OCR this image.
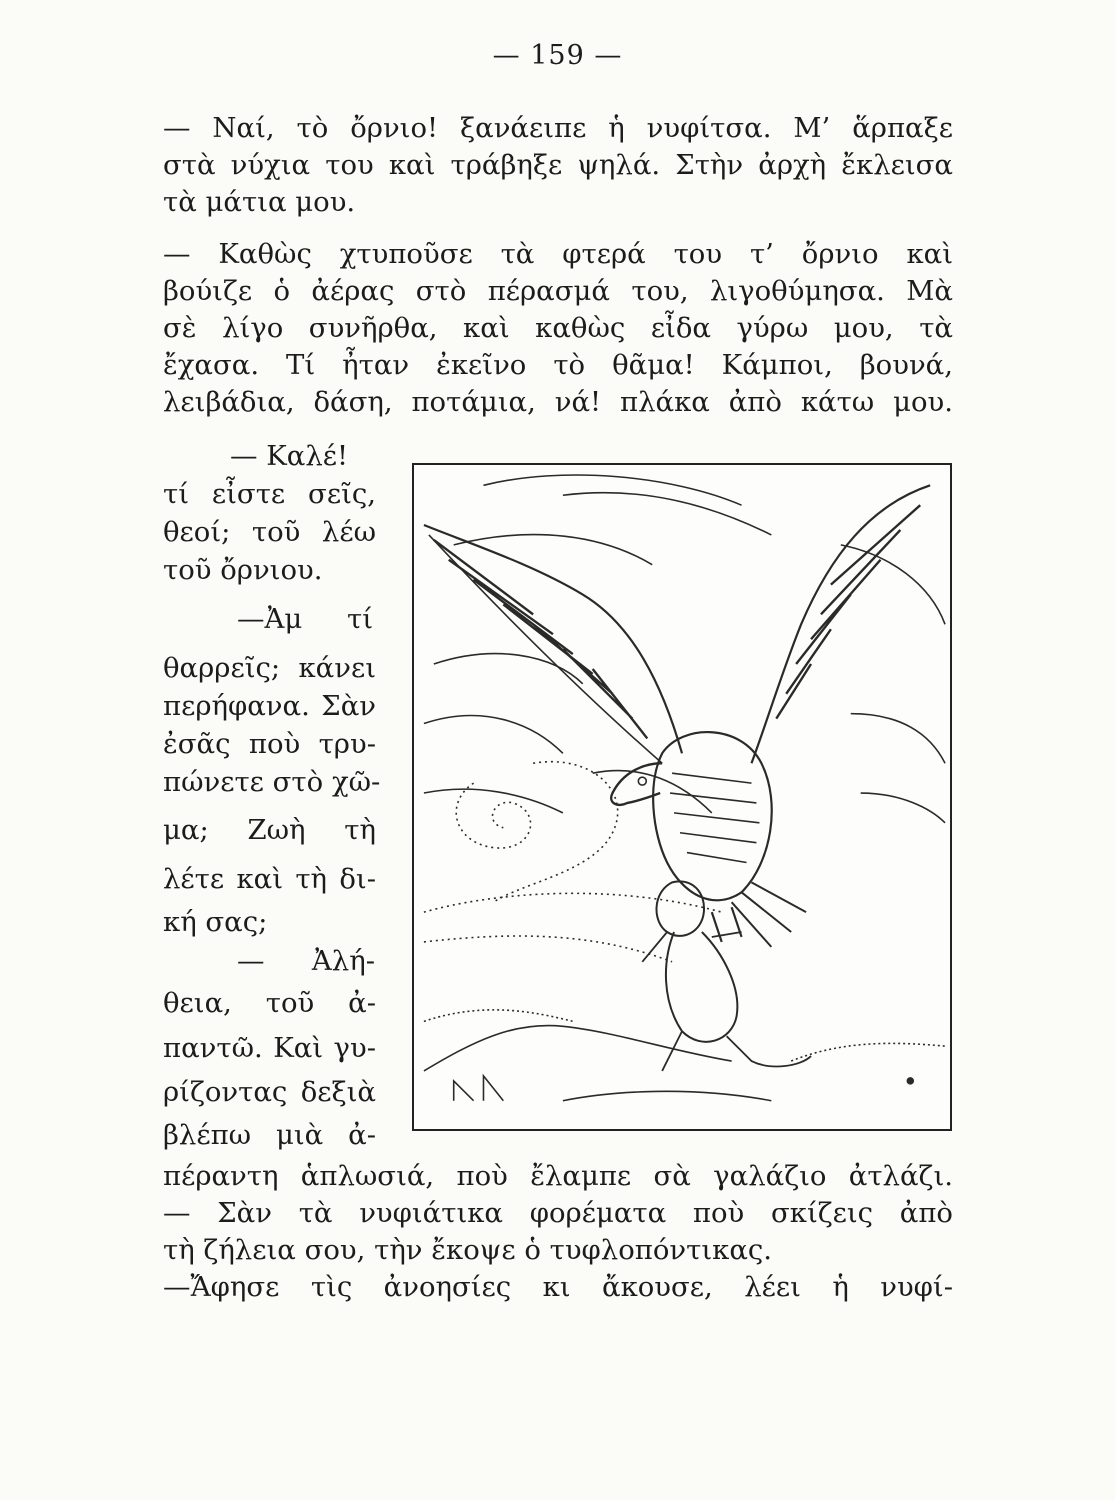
— 159 —
— Ναί, τὸ ὄρνιο! ξανάειπε ἡ νυφίτσα. Μ’ ἅρπαξε
στὰ νύχια του καὶ τράβηξε ψηλά. Στὴν ἀρχὴ ἔκλεισα
τὰ μάτια μου.
— Καθὼς χτυποῦσε τὰ φτερά του τ’ ὄρνιο καὶ
βούιζε ὁ ἀέρας στὸ πέρασμά του, λιγοθύμησα. Μὰ
σὲ λίγο συνῆρθα, καὶ καθὼς εἶδα γύρω μου, τὰ
ἔχασα. Τί ἦταν ἐκεῖνο τὸ θᾶμα! Κάμποι, βουνά,
λειβάδια, δάση, ποτάμια, νά! πλάκα ἀπὸ κάτω μου.
— Καλέ!
τί εἶστε σεῖς,
θεοί; τοῦ λέω
τοῦ ὄρνιου.
—Ἀμ τί
θαρρεῖς; κάνει
περήφανα. Σὰν
ἐσᾶς ποὺ τρυ-
πώνετε στὸ χῶ-
μα; Ζωὴ τὴ
λέτε καὶ τὴ δι-
κή σας;
— Ἀλή-
θεια, τοῦ ἀ-
παντῶ. Καὶ γυ-
ρίζοντας δεξιὰ
βλέπω μιὰ ἀ-
πέραντη ἁπλωσιά, ποὺ ἔλαμπε σὰ γαλάζιο ἀτλάζι.
— Σὰν τὰ νυφιάτικα φορέματα ποὺ σκίζεις ἀπὸ
τὴ ζήλεια σου, τὴν ἔκοψε ὁ τυφλοπόντικας.
—Ἄφησε τὶς ἀνοησίες κι ἄκουσε, λέει ἡ νυφί-
